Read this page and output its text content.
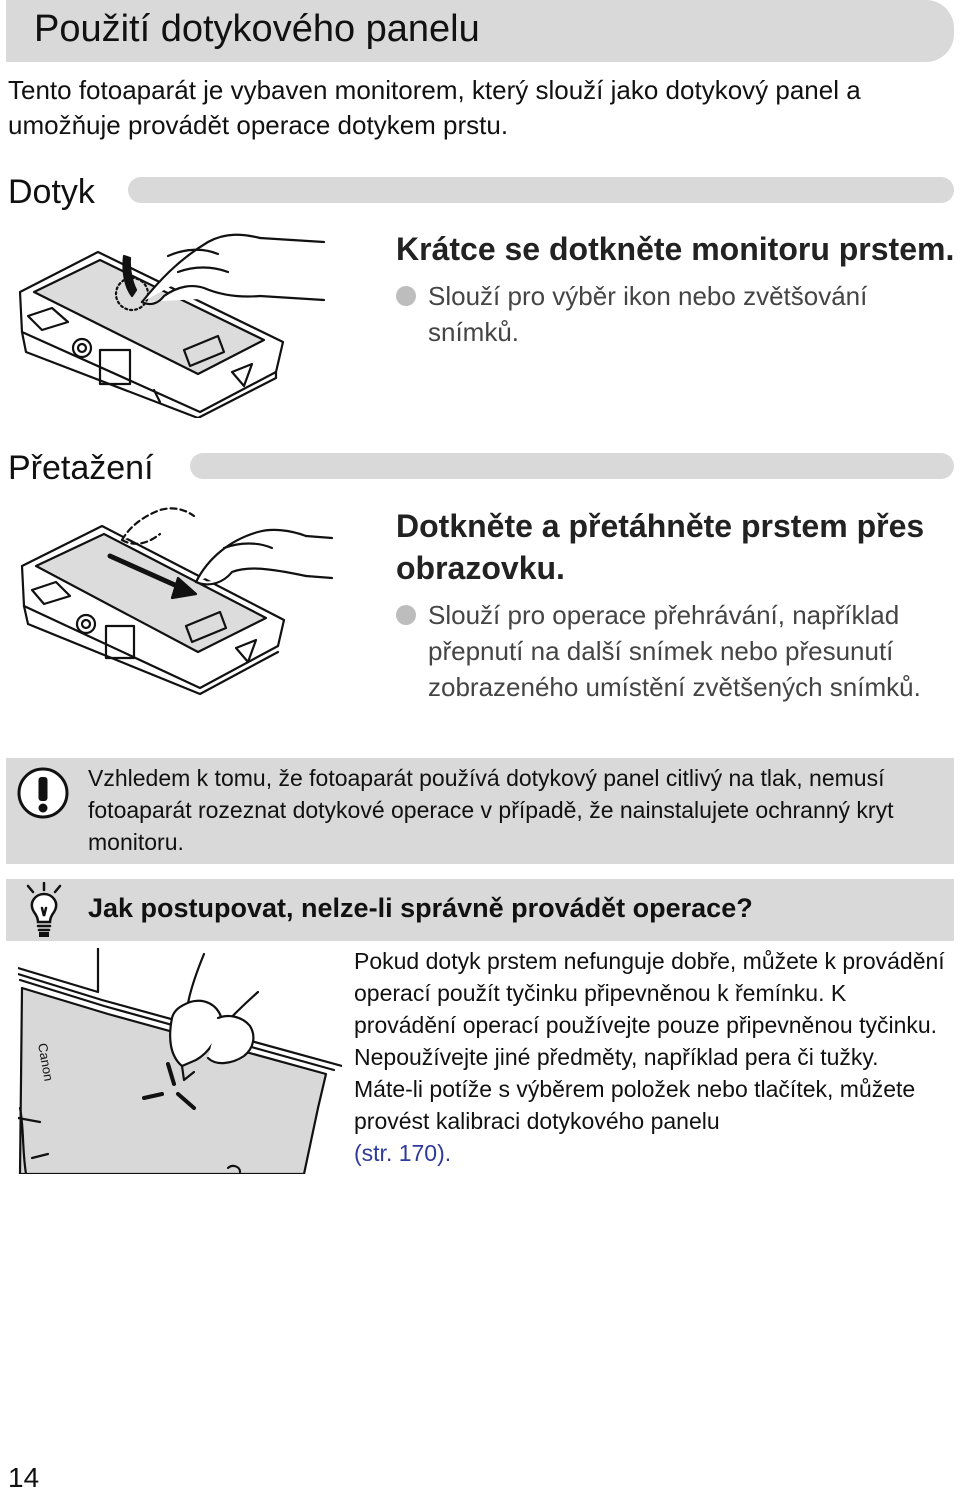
Použití dotykového panelu
Tento fotoaparát je vybaven monitorem, který slouží jako dotykový panel a umožňuje provádět operace dotykem prstu.
Dotyk
Krátce se dotkněte monitoru prstem.
Slouží pro výběr ikon nebo zvětšování snímků.
Přetažení
Dotkněte a přetáhněte prstem přes obrazovku.
Slouží pro operace přehrávání, například přepnutí na další snímek nebo přesunutí zobrazeného umístění zvětšených snímků.
Vzhledem k tomu, že fotoaparát používá dotykový panel citlivý na tlak, nemusí fotoaparát rozeznat dotykové operace v případě, že nainstalujete ochranný kryt monitoru.
Jak postupovat, nelze-li správně provádět operace?
Canon

Pokud dotyk prstem nefunguje dobře, můžete k provádění operací použít tyčinku připevněnou k řemínku. K provádění operací používejte pouze připevněnou tyčinku. Nepoužívejte jiné předměty, například pera či tužky.

Máte-li potíže s výběrem položek nebo tlačítek, můžete provést kalibraci dotykového panelu
(str. 170).

14
